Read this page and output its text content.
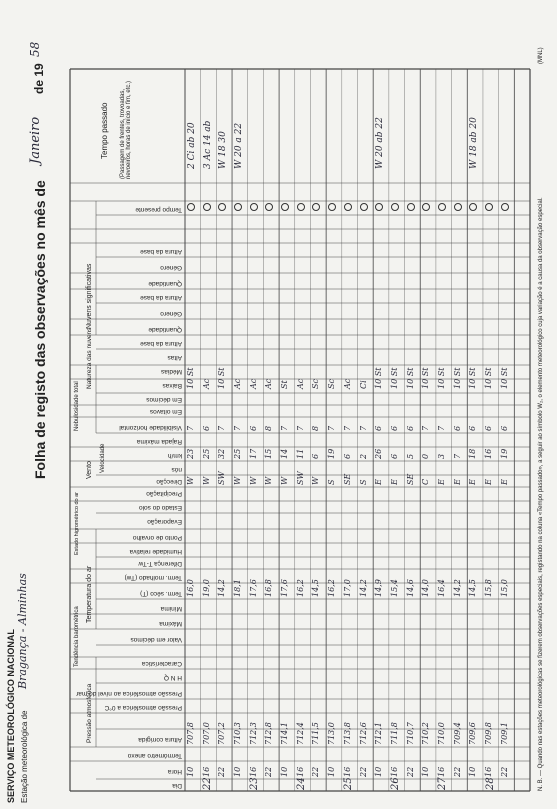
SERVIÇO METEOROLÓGICO NACIONAL Estação meteorológica de
Bragança - Alminhas
Folha de registo das observações no mês de
Janeiro
de 19
58
Dia
Hora
Termómetro anexo
Altura corrigida
Pressão atmosférica a 0°C
Pressão atmosférica ao nível do mar
H N Q
Característica
Valor em décimos
Máxima
Mínima
Term. sêco (T)
Term. molhado (Tw)
Diferença T-Tw
Humidade relativa
Ponto de orvalho
Evaporação
Estado do solo
Precipitação
Direcção
nós
km/h
Rajada máxima
Visibilidade horizontal
Em oitavos
Em décimos
Baixas
Médias
Altas
Altura da base
Quantidade
Género
Altura da base
Quantidade
Género
Altura da base
Tempo presente
Pressão atmosférica
Tendência barométrica
Temperatura do ar
Estado higrométrico do ar
Vento Velocidade
Nebulosidade total
Natureza das nuvens
Nuvens significativas
Tempo passado (Passagem de frentes, trovoadas, nevoeiros, horas de início e fim, etc.)
N. B. — Quando nas estações meteorológicas se fizerem observações especiais, registando na coluna «Tempo passado», a seguir ao símbolo W₂, o elemento meteorológico cuja variação é a causa da observação especial.
(MNL)
22
10
707,8
16,0
W
23
7
10 St
16
707,0
19,0
W
25
6
Ac
22
707,2
14,2
SW
32
7
10 St
2 Ci ab 20 3 Ac 14 ab W 18 30
23
10
710,3
18,1
W
25
7
Ac
16
712,3
17,6
W
17
6
Ac
22
712,8
16,8
W
15
8
Ac
W 20 a 22
24
10
714,1
17,6
W
14
7
St
16
712,4
16,2
SW
11
7
Ac
22
711,5
14,5
W
6
8
Sc
25
10
713,0
16,2
S
19
7
Sc
16
713,8
17,0
SE
6
7
Ac
22
712,6
14,2
S
2
7
Ci
26
10
712,1
14,9
E
26
6
10 St
16
711,8
15,4
E
6
6
10 St
22
710,7
14,6
SE
5
6
10 St
W 20 ab 22
27
10
710,2
14,0
C
0
7
10 St
16
710,0
16,4
E
3
7
10 St
22
709,4
14,2
E
7
6
10 St
28
10
709,6
14,5
E
18
6
10 St
16
709,8
15,8
E
16
6
10 St
22
709,1
15,0
E
19
6
10 St
W 18 ab 20
